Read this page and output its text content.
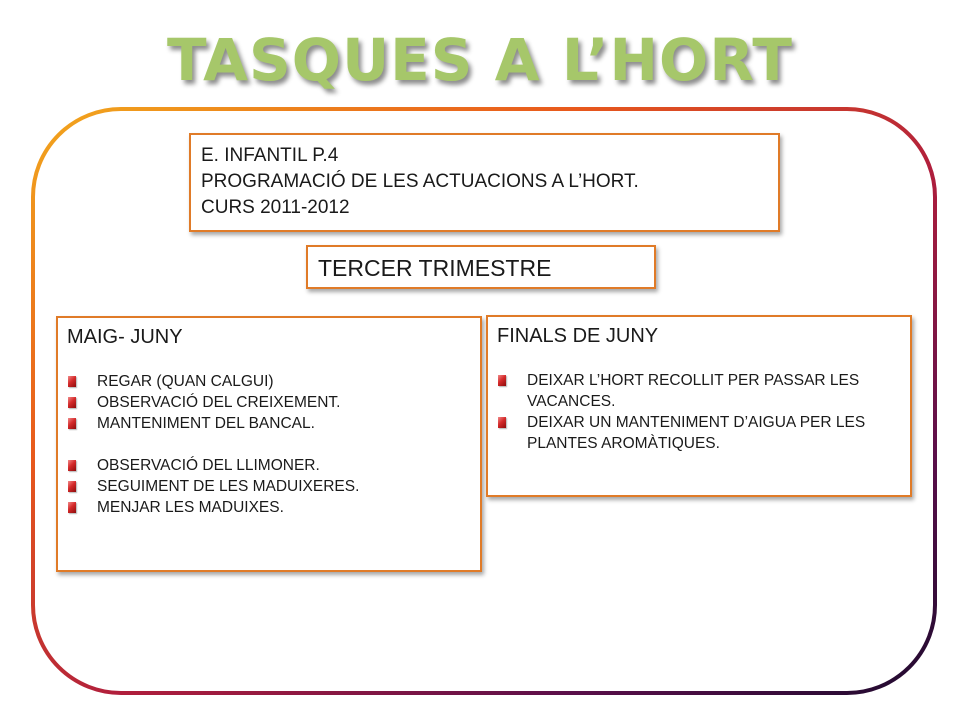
TASQUES A L’HORT
E. INFANTIL P.4
PROGRAMACIÓ DE LES ACTUACIONS A L’HORT.
CURS 2011-2012
TERCER TRIMESTRE
MAIG- JUNY
REGAR (QUAN CALGUI)
OBSERVACIÓ DEL CREIXEMENT.
MANTENIMENT DEL BANCAL.
OBSERVACIÓ DEL LLIMONER.
SEGUIMENT DE LES MADUIXERES.
MENJAR LES MADUIXES.
FINALS DE JUNY
DEIXAR L’HORT RECOLLIT PER PASSAR LES VACANCES.
DEIXAR UN MANTENIMENT D’AIGUA PER LES PLANTES AROMÀTIQUES.
